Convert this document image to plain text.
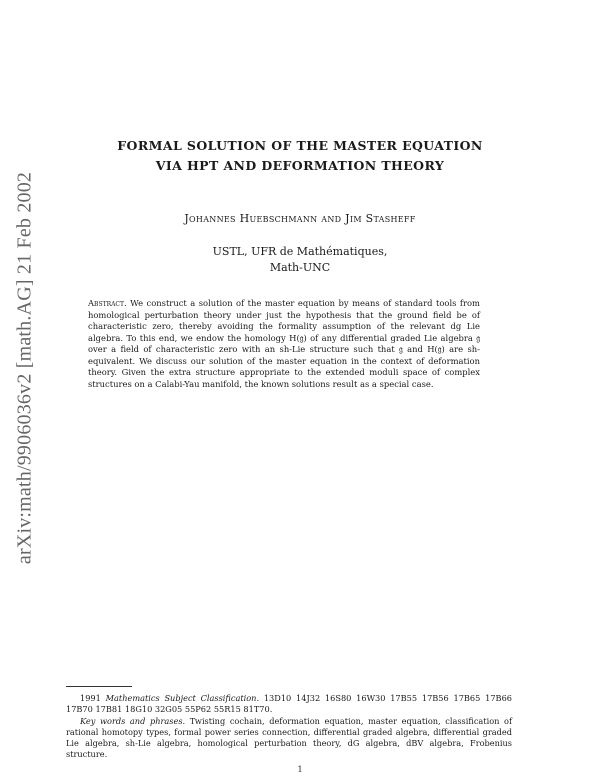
arXiv:math/9906036v2 [math.AG] 21 Feb 2002
FORMAL SOLUTION OF THE MASTER EQUATION
VIA HPT AND DEFORMATION THEORY
Johannes Huebschmann and Jim Stasheff
USTL, UFR de Mathématiques,
Math-UNC
Abstract. We construct a solution of the master equation by means of standard tools from homological perturbation theory under just the hypothesis that the ground field be of characteristic zero, thereby avoiding the formality assumption of the relevant dg Lie algebra. To this end, we endow the homology H(𝔤) of any differential graded Lie algebra 𝔤 over a field of characteristic zero with an sh-Lie structure such that 𝔤 and H(𝔤) are sh-equivalent. We discuss our solution of the master equation in the context of deformation theory. Given the extra structure appropriate to the extended moduli space of complex structures on a Calabi-Yau manifold, the known solutions result as a special case.

1991 Mathematics Subject Classification. 13D10 14J32 16S80 16W30 17B55 17B56 17B65 17B66 17B70 17B81 18G10 32G05 55P62 55R15 81T70.

Key words and phrases. Twisting cochain, deformation equation, master equation, classification of rational homotopy types, formal power series connection, differential graded algebra, differential graded Lie algebra, sh-Lie algebra, homological perturbation theory, dG algebra, dBV algebra, Frobenius structure.

1
